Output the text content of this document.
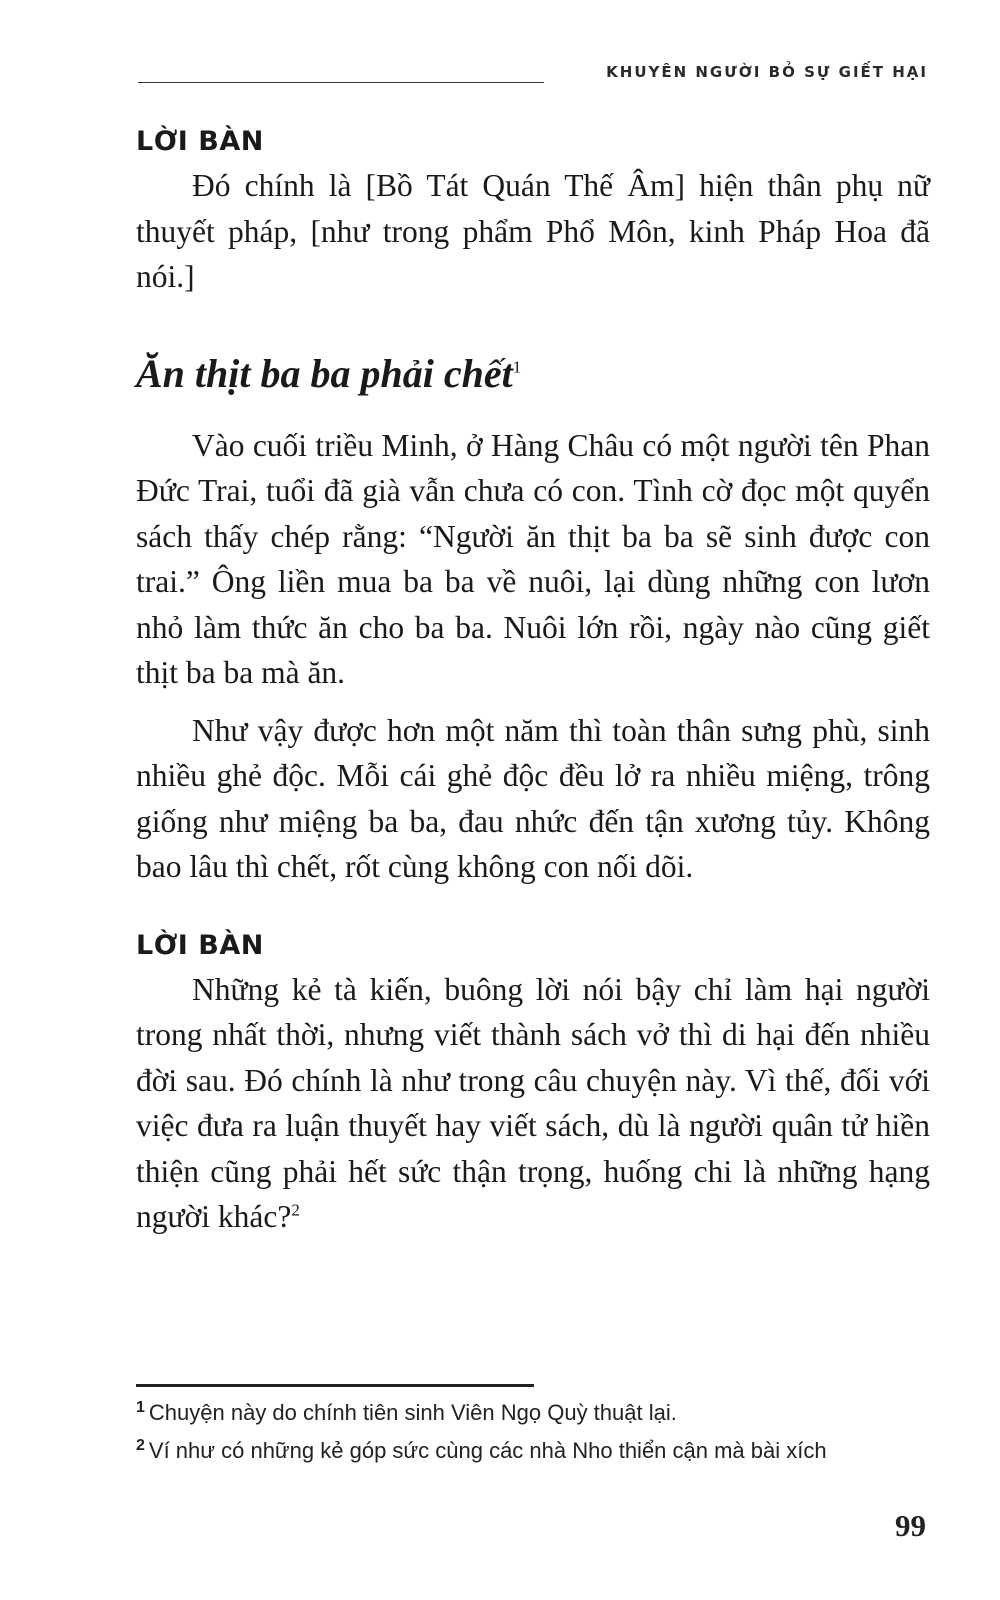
KHUYÊN NGƯỜI BỎ SỰ GIẾT HẠI
LỜI BÀN

Đó chính là [Bồ Tát Quán Thế Âm] hiện thân phụ nữ thuyết pháp, [như trong phẩm Phổ Môn, kinh Pháp Hoa đã nói.]

Ăn thịt ba ba phải chết$^1$

Vào cuối triều Minh, ở Hàng Châu có một người tên Phan Đức Trai, tuổi đã già vẫn chưa có con. Tình cờ đọc một quyển sách thấy chép rằng: “Người ăn thịt ba ba sẽ sinh được con trai.” Ông liền mua ba ba về nuôi, lại dùng những con lươn nhỏ làm thức ăn cho ba ba. Nuôi lớn rồi, ngày nào cũng giết thịt ba ba mà ăn.

Như vậy được hơn một năm thì toàn thân sưng phù, sinh nhiều ghẻ độc. Mỗi cái ghẻ độc đều lở ra nhiều miệng, trông giống như miệng ba ba, đau nhức đến tận xương tủy. Không bao lâu thì chết, rốt cùng không con nối dõi.

LỜI BÀN

Những kẻ tà kiến, buông lời nói bậy chỉ làm hại người trong nhất thời, nhưng viết thành sách vở thì di hại đến nhiều đời sau. Đó chính là như trong câu chuyện này. Vì thế, đối với việc đưa ra luận thuyết hay viết sách, dù là người quân tử hiền thiện cũng phải hết sức thận trọng, huống chi là những hạng người khác?$^2$

$^1$ Chuyện này do chính tiên sinh Viên Ngọ Quỳ thuật lại.
$^2$ Ví như có những kẻ góp sức cùng các nhà Nho thiển cận mà bài xích
99
